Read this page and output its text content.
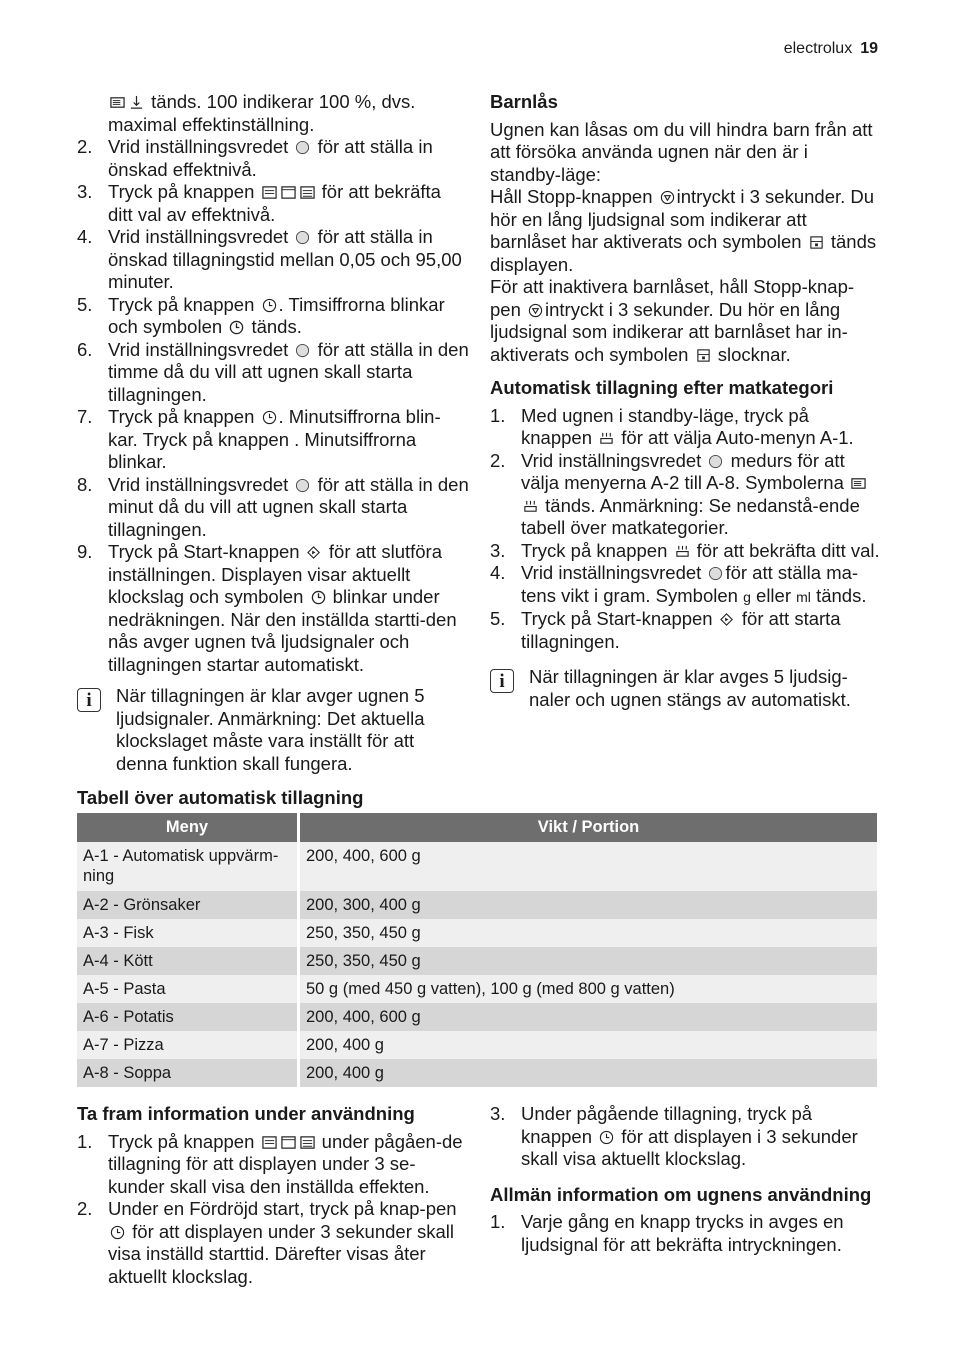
electrolux 19

tänds. 100 indikerar 100 %, dvs. maximal effektinställning.

2. Vrid inställningsvredet för att ställa in önskad effektnivå.
3. Tryck på knappen	för att bekräfta ditt val av effektnivå.
4. Vrid inställningsvredet för att ställa in önskad tillagningstid mellan 0,05 och 95,00 minuter.
5. Tryck på knappen . Timsiffrorna blinkar och symbolen tänds.
6. Vrid inställningsvredet för att ställa in den timme då du vill att ugnen skall starta tillagningen.
7. Tryck på knappen . Minutsiffrorna blin-kar. Tryck på knappen . Minutsiffrorna blinkar.
8. Vrid inställningsvredet för att ställa in den minut då du vill att ugnen skall starta tillagningen.
9. Tryck på Start-knappen för att slutföra inställningen. Displayen visar aktuellt klockslag och symbolen blinkar under nedräkningen. När den inställda startti-den nås avger ugnen två ljudsignaler och tillagningen startar automatiskt.
i	När tillagningen är klar avger ugnen 5 ljudsignaler. Anmärkning: Det aktuella klockslaget måste vara inställt för att denna funktion skall fungera.

Barnlås

Ugnen kan låsas om du vill hindra barn från att att försöka använda ugnen när den är i standby-läge:

Håll Stopp-knappen intryckt i 3 sekunder. Du hör en lång ljudsignal som indikerar att barnlåset har aktiverats och symbolen tänds displayen.

För att inaktivera barnlåset, håll Stopp-knap-pen intryckt i 3 sekunder. Du hör en lång ljudsignal som indikerar att barnlåset har in-aktiverats och symbolen slocknar.

Automatisk tillagning efter matkategori
1. Med ugnen i standby-läge, tryck på knappen för att välja Auto-menyn A-1.
2. Vrid inställningsvredet medurs för att välja menyerna A-2 till A-8. Symbolerna
tänds. Anmärkning: Se nedanstå-ende tabell över matkategorier.
3. Tryck på knappen för att bekräfta ditt val.
4. Vrid inställningsvredet för att ställa ma-tens vikt i gram. Symbolen g eller ml tänds.
5. Tryck på Start-knappen för att starta tillagningen.
i	När tillagningen är klar avges 5 ljudsig-naler och ugnen stängs av automatiskt.

Tabell över automatisk tillagning
Meny	Vikt / Portion
A-1 - Automatisk uppvärm-ning	200, 400, 600 g
A-2 - Grönsaker	200, 300, 400 g
A-3 - Fisk	250, 350, 450 g
A-4 - Kött	250, 350, 450 g
A-5 - Pasta	50 g (med 450 g vatten), 100 g (med 800 g vatten)
A-6 - Potatis	200, 400, 600 g
A-7 - Pizza	200, 400 g
A-8 - Soppa	200, 400 g
Ta fram information under användning
1. Tryck på knappen	under pågåen-de tillagning för att displayen under 3 se-kunder skall visa den inställda effekten.
2. Under en Fördröjd start, tryck på knap-pen
för att displayen under 3 sekunder skall visa inställd starttid. Därefter visas åter aktuellt klockslag.
3. Under pågående tillagning, tryck på knappen för att displayen i 3 sekunder skall visa aktuellt klockslag.
Allmän information om ugnens användning
1. Varje gång en knapp trycks in avges en ljudsignal för att bekräfta intryckningen.
